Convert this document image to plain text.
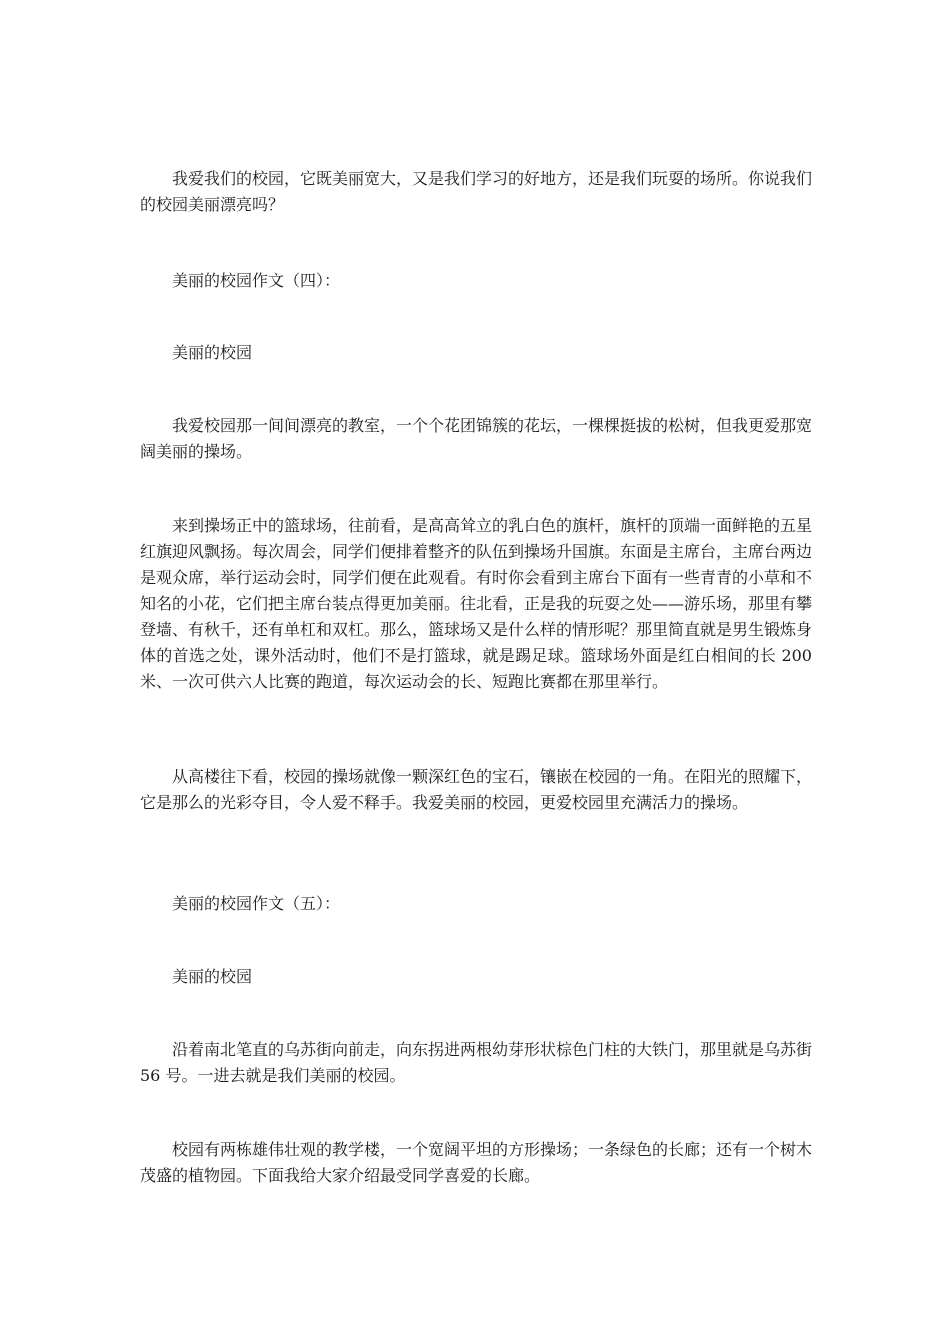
我爱我们的校园，它既美丽宽大，又是我们学习的好地方，还是我们玩耍的场所。你说我们的校园美丽漂亮吗？

美丽的校园作文（四）：

美丽的校园

我爱校园那一间间漂亮的教室，一个个花团锦簇的花坛，一棵棵挺拔的松树，但我更爱那宽阔美丽的操场。

来到操场正中的篮球场，往前看，是高高耸立的乳白色的旗杆，旗杆的顶端一面鲜艳的五星红旗迎风飘扬。每次周会，同学们便排着整齐的队伍到操场升国旗。东面是主席台，主席台两边是观众席，举行运动会时，同学们便在此观看。有时你会看到主席台下面有一些青青的小草和不知名的小花，它们把主席台装点得更加美丽。往北看，正是我的玩耍之处——游乐场，那里有攀登墙、有秋千，还有单杠和双杠。那么，篮球场又是什么样的情形呢？那里简直就是男生锻炼身体的首选之处，课外活动时，他们不是打篮球，就是踢足球。篮球场外面是红白相间的长 200 米、一次可供六人比赛的跑道，每次运动会的长、短跑比赛都在那里举行。

从高楼往下看，校园的操场就像一颗深红色的宝石，镶嵌在校园的一角。在阳光的照耀下，它是那么的光彩夺目，令人爱不释手。我爱美丽的校园，更爱校园里充满活力的操场。

美丽的校园作文（五）：

美丽的校园

沿着南北笔直的乌苏街向前走，向东拐进两根幼芽形状棕色门柱的大铁门，那里就是乌苏街 56 号。一进去就是我们美丽的校园。

校园有两栋雄伟壮观的教学楼，一个宽阔平坦的方形操场；一条绿色的长廊；还有一个树木茂盛的植物园。下面我给大家介绍最受同学喜爱的长廊。
